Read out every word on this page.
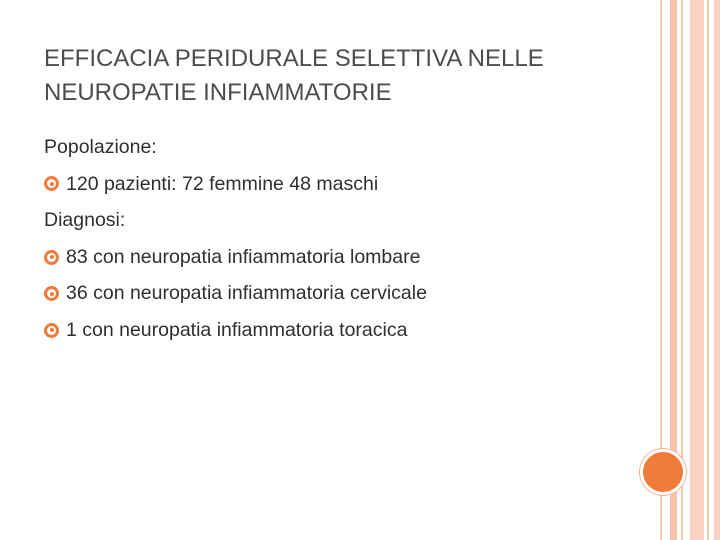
EFFICACIA PERIDURALE SELETTIVA NELLE
NEUROPATIE INFIAMMATORIE
Popolazione:
120 pazienti: 72 femmine 48 maschi
Diagnosi:
83 con neuropatia infiammatoria lombare
36 con neuropatia infiammatoria cervicale
1 con neuropatia infiammatoria toracica
